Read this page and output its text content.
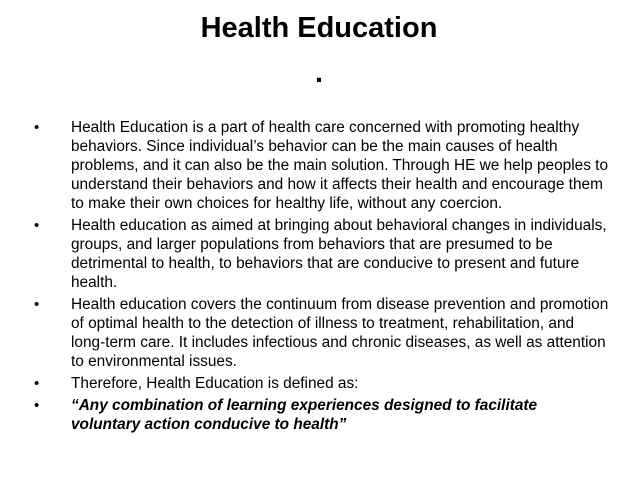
Health Education
.
• Health Education is a part of health care concerned with promoting healthy behaviors. Since individual’s behavior can be the main causes of health problems, and it can also be the main solution. Through HE we help peoples to understand their behaviors and how it affects their health and encourage them to make their own choices for healthy life, without any coercion.
• Health education as aimed at bringing about behavioral changes in individuals, groups, and larger populations from behaviors that are presumed to be detrimental to health, to behaviors that are conducive to present and future health.
• Health education covers the continuum from disease prevention and promotion of optimal health to the detection of illness to treatment, rehabilitation, and long-term care. It includes infectious and chronic diseases, as well as attention to environmental issues.
• Therefore, Health Education is defined as:
• “Any combination of learning experiences designed to facilitate voluntary action conducive to health”
